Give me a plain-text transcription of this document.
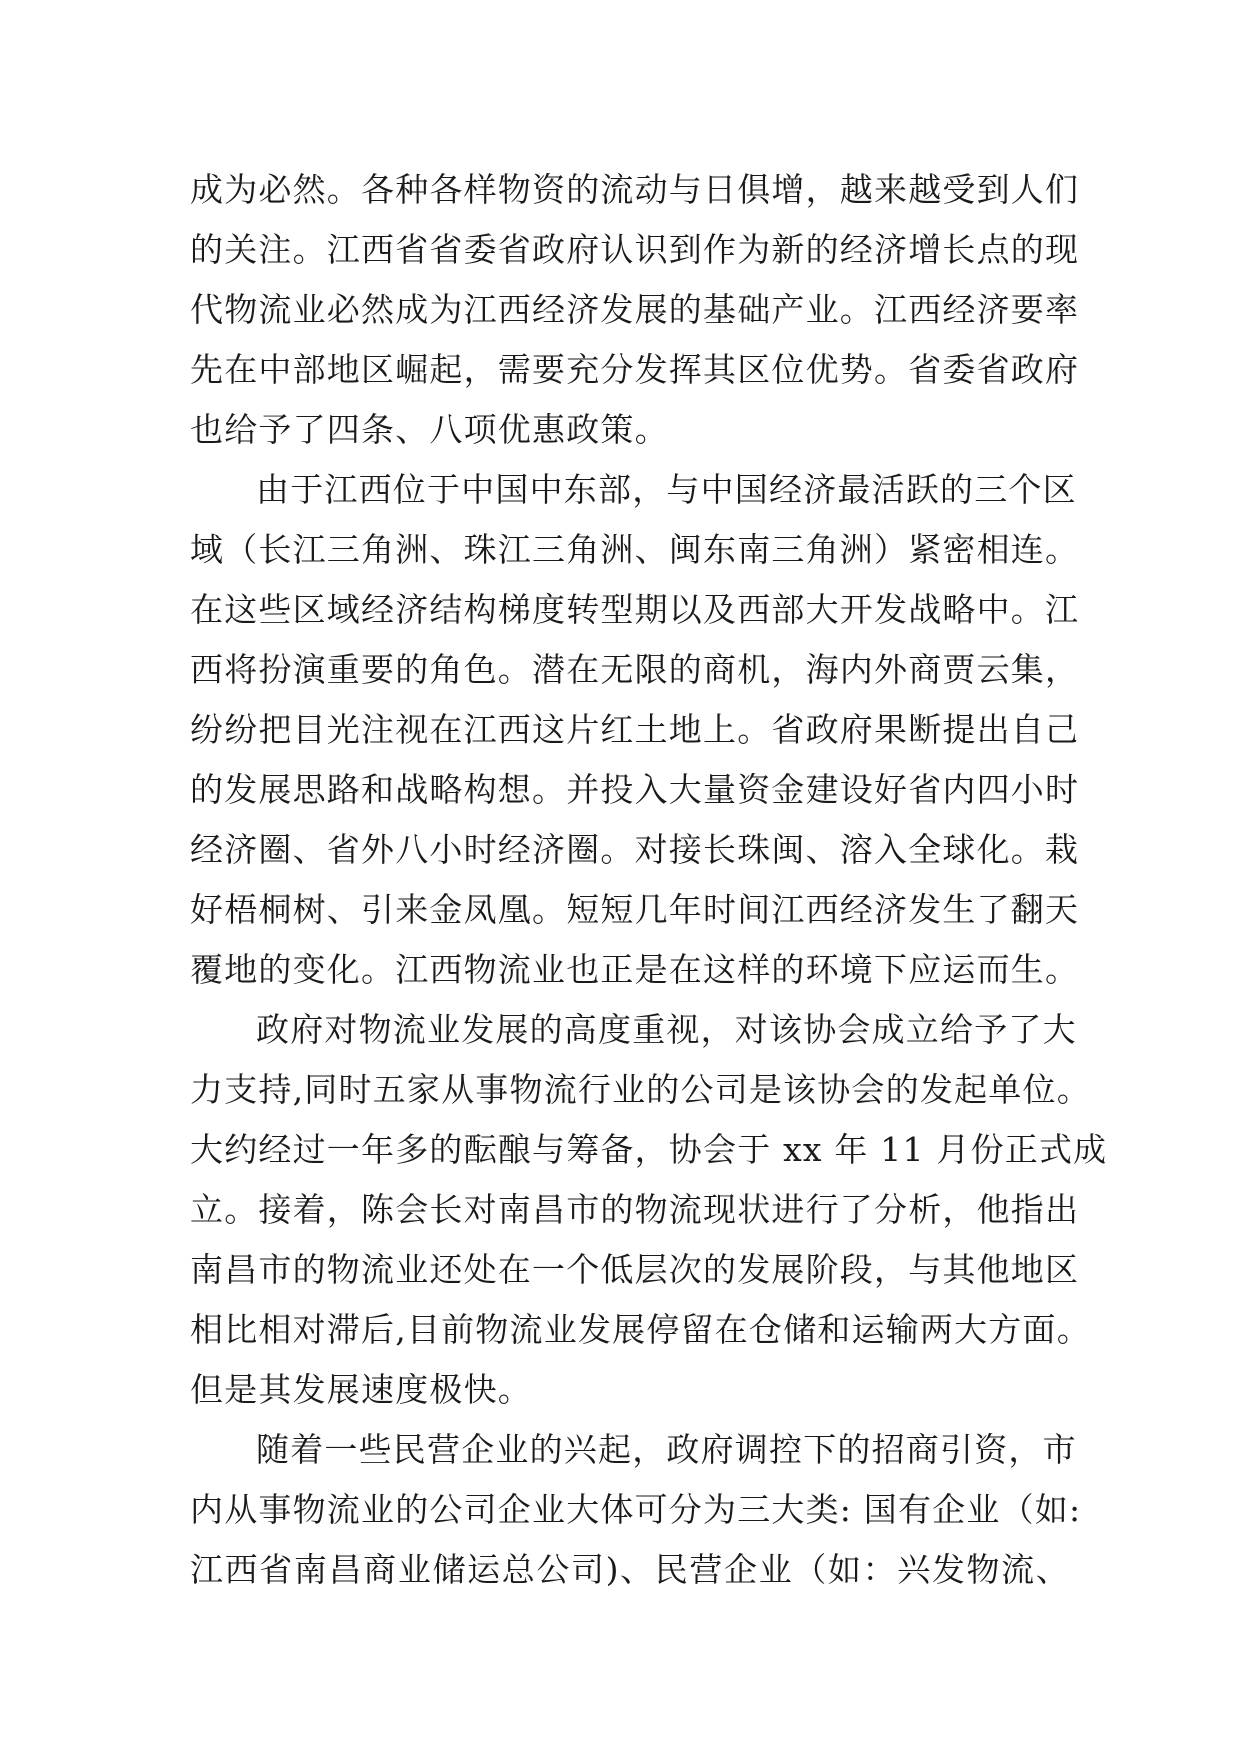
成为必然。各种各样物资的流动与日俱增，越来越受到人们
的关注。江西省省委省政府认识到作为新的经济增长点的现
代物流业必然成为江西经济发展的基础产业。江西经济要率
先在中部地区崛起，需要充分发挥其区位优势。省委省政府
也给予了四条、八项优惠政策。
由于江西位于中国中东部，与中国经济最活跃的三个区
域（长江三角洲、珠江三角洲、闽东南三角洲）紧密相连。
在这些区域经济结构梯度转型期以及西部大开发战略中。江
西将扮演重要的角色。潜在无限的商机，海内外商贾云集，
纷纷把目光注视在江西这片红土地上。省政府果断提出自己
的发展思路和战略构想。并投入大量资金建设好省内四小时
经济圈、省外八小时经济圈。对接长珠闽、溶入全球化。栽
好梧桐树、引来金凤凰。短短几年时间江西经济发生了翻天
覆地的变化。江西物流业也正是在这样的环境下应运而生。
政府对物流业发展的高度重视，对该协会成立给予了大
力支持,同时五家从事物流行业的公司是该协会的发起单位。
大约经过一年多的酝酿与筹备，协会于 xx 年 11 月份正式成
立。接着，陈会长对南昌市的物流现状进行了分析，他指出
南昌市的物流业还处在一个低层次的发展阶段，与其他地区
相比相对滞后,目前物流业发展停留在仓储和运输两大方面。
但是其发展速度极快。
随着一些民营企业的兴起，政府调控下的招商引资，市
内从事物流业的公司企业大体可分为三大类: 国有企业（如:
江西省南昌商业储运总公司)、民营企业（如：兴发物流、
